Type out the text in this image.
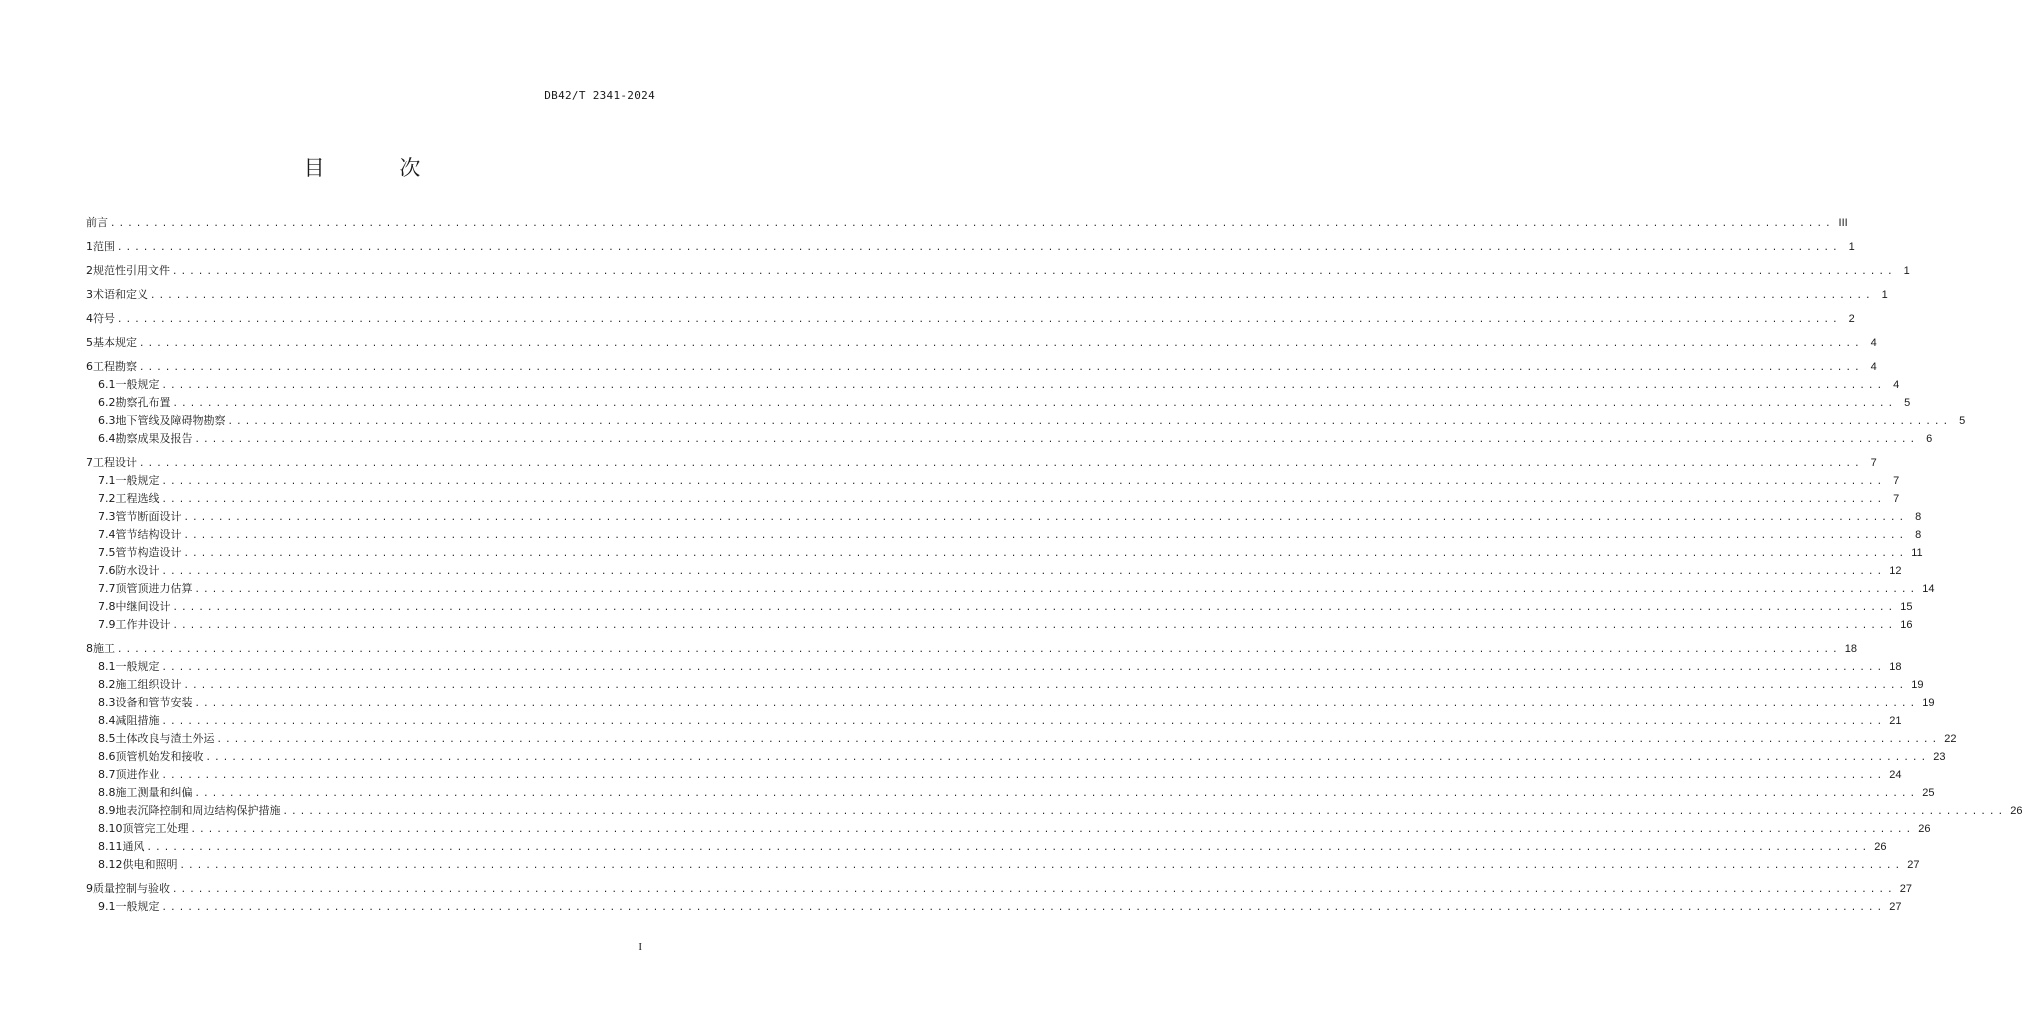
DB42/T 2341-2024
目 次
前言 ........................................................................................................................................................................................................ III
1 范围 ........................................................................................................................................................................................................ 1
2 规范性引用文件 ........................................................................................................................................................................................................ 1
3 术语和定义 ........................................................................................................................................................................................................ 1
4 符号 ........................................................................................................................................................................................................ 2
5 基本规定 ........................................................................................................................................................................................................ 4
6 工程勘察 ........................................................................................................................................................................................................ 4
6.1 一般规定 ........................................................................................................................................................................................................ 4
6.2 勘察孔布置 ........................................................................................................................................................................................................ 5
6.3 地下管线及障碍物勘察 ........................................................................................................................................................................................................ 5
6.4 勘察成果及报告 ........................................................................................................................................................................................................ 6
7 工程设计 ........................................................................................................................................................................................................ 7
7.1 一般规定 ........................................................................................................................................................................................................ 7
7.2 工程选线 ........................................................................................................................................................................................................ 7
7.3 管节断面设计 ........................................................................................................................................................................................................ 8
7.4 管节结构设计 ........................................................................................................................................................................................................ 8
7.5 管节构造设计 ........................................................................................................................................................................................................ 11
7.6 防水设计 ........................................................................................................................................................................................................ 12
7.7 顶管顶进力估算 ........................................................................................................................................................................................................ 14
7.8 中继间设计 ........................................................................................................................................................................................................ 15
7.9 工作井设计 ........................................................................................................................................................................................................ 16
8 施工 ........................................................................................................................................................................................................ 18
8.1 一般规定 ........................................................................................................................................................................................................ 18
8.2 施工组织设计 ........................................................................................................................................................................................................ 19
8.3 设备和管节安装 ........................................................................................................................................................................................................ 19
8.4 减阻措施 ........................................................................................................................................................................................................ 21
8.5 土体改良与渣土外运 ........................................................................................................................................................................................................ 22
8.6 顶管机始发和接收 ........................................................................................................................................................................................................ 23
8.7 顶进作业 ........................................................................................................................................................................................................ 24
8.8 施工测量和纠偏 ........................................................................................................................................................................................................ 25
8.9 地表沉降控制和周边结构保护措施 ........................................................................................................................................................................................................ 26
8.10 顶管完工处理 ........................................................................................................................................................................................................ 26
8.11 通风 ........................................................................................................................................................................................................ 26
8.12 供电和照明 ........................................................................................................................................................................................................ 27
9 质量控制与验收 ........................................................................................................................................................................................................ 27
9.1 一般规定 ........................................................................................................................................................................................................ 27
I
